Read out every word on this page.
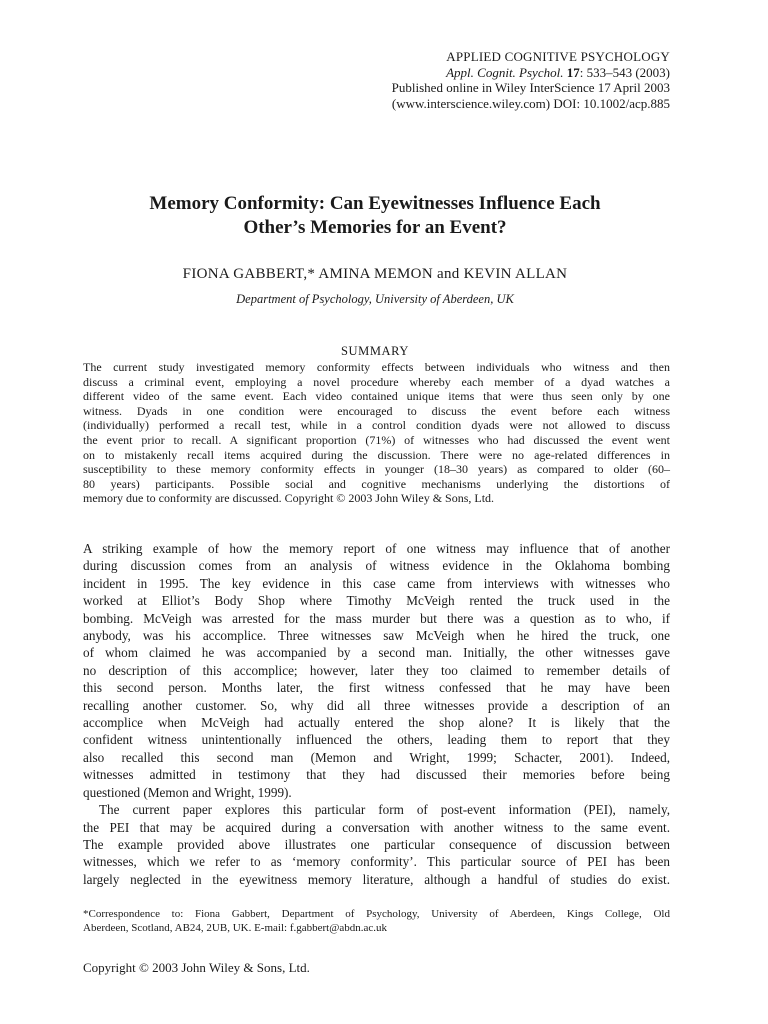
APPLIED COGNITIVE PSYCHOLOGY
Appl. Cognit. Psychol. 17: 533–543 (2003)
Published online in Wiley InterScience 17 April 2003
(www.interscience.wiley.com) DOI: 10.1002/acp.885
Memory Conformity: Can Eyewitnesses Influence Each
Other’s Memories for an Event?
FIONA GABBERT,* AMINA MEMON and KEVIN ALLAN
Department of Psychology, University of Aberdeen, UK
SUMMARY
The current study investigated memory conformity effects between individuals who witness and then
discuss a criminal event, employing a novel procedure whereby each member of a dyad watches a
different video of the same event. Each video contained unique items that were thus seen only by one
witness. Dyads in one condition were encouraged to discuss the event before each witness
(individually) performed a recall test, while in a control condition dyads were not allowed to discuss
the event prior to recall. A significant proportion (71%) of witnesses who had discussed the event went
on to mistakenly recall items acquired during the discussion. There were no age-related differences in
susceptibility to these memory conformity effects in younger (18–30 years) as compared to older (60–
80 years) participants. Possible social and cognitive mechanisms underlying the distortions of
memory due to conformity are discussed. Copyright © 2003 John Wiley & Sons, Ltd.
A striking example of how the memory report of one witness may influence that of another
during discussion comes from an analysis of witness evidence in the Oklahoma bombing
incident in 1995. The key evidence in this case came from interviews with witnesses who
worked at Elliot’s Body Shop where Timothy McVeigh rented the truck used in the
bombing. McVeigh was arrested for the mass murder but there was a question as to who, if
anybody, was his accomplice. Three witnesses saw McVeigh when he hired the truck, one
of whom claimed he was accompanied by a second man. Initially, the other witnesses gave
no description of this accomplice; however, later they too claimed to remember details of
this second person. Months later, the first witness confessed that he may have been
recalling another customer. So, why did all three witnesses provide a description of an
accomplice when McVeigh had actually entered the shop alone? It is likely that the
confident witness unintentionally influenced the others, leading them to report that they
also recalled this second man (Memon and Wright, 1999; Schacter, 2001). Indeed,
witnesses admitted in testimony that they had discussed their memories before being
questioned (Memon and Wright, 1999).
The current paper explores this particular form of post-event information (PEI), namely,
the PEI that may be acquired during a conversation with another witness to the same event.
The example provided above illustrates one particular consequence of discussion between
witnesses, which we refer to as ‘memory conformity’. This particular source of PEI has been
largely neglected in the eyewitness memory literature, although a handful of studies do exist.
*Correspondence to: Fiona Gabbert, Department of Psychology, University of Aberdeen, Kings College, Old
Aberdeen, Scotland, AB24, 2UB, UK. E-mail: f.gabbert@abdn.ac.uk
Copyright © 2003 John Wiley & Sons, Ltd.
